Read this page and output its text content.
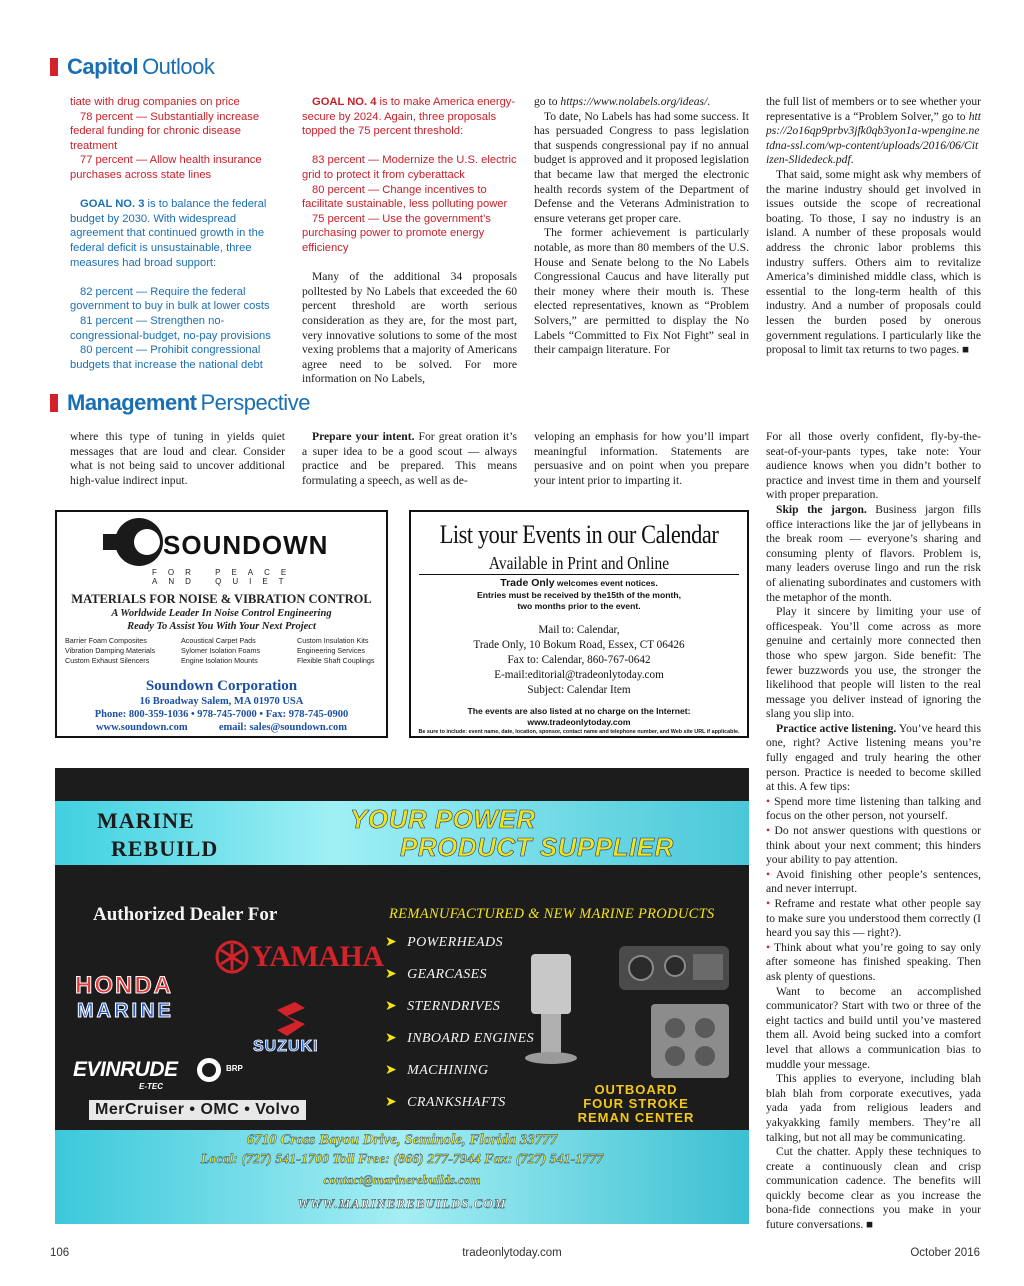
Capitol Outlook

tiate with drug companies on price

78 percent — Substantially increase federal funding for chronic disease treatment

77 percent — Allow health insurance purchases across state lines

GOAL NO. 3 is to balance the federal budget by 2030. With widespread agreement that continued growth in the federal deficit is unsustainable, three measures had broad support:

82 percent — Require the federal government to buy in bulk at lower costs

81 percent — Strengthen no-congressional-budget, no-pay provisions

80 percent — Prohibit congressional budgets that increase the national debt

GOAL NO. 4 is to make America energy-secure by 2024. Again, three proposals topped the 75 percent threshold:

83 percent — Modernize the U.S. electric grid to protect it from cyberattack

80 percent — Change incentives to facilitate sustainable, less polluting power

75 percent — Use the government’s purchasing power to promote energy efficiency

Many of the additional 34 proposals polltested by No Labels that exceeded the 60 percent threshold are worth serious consideration as they are, for the most part, very innovative solutions to some of the most vexing problems that a majority of Americans agree need to be solved. For more information on No Labels,

go to https://www.nolabels.org/ideas/.

To date, No Labels has had some success. It has persuaded Congress to pass legislation that suspends congressional pay if no annual budget is approved and it proposed legislation that became law that merged the electronic health records system of the Department of Defense and the Veterans Administration to ensure veterans get proper care.

The former achievement is particularly notable, as more than 80 members of the U.S. House and Senate belong to the No Labels Congressional Caucus and have literally put their money where their mouth is. These elected representatives, known as “Problem Solvers,” are permitted to display the No Labels “Committed to Fix Not Fight” seal in their campaign literature. For

the full list of members or to see whether your representative is a “Problem Solver,” go to https://2o16qp9prbv3jfk0qb3yon1a-wpengine.netdna-ssl.com/wp-content/uploads/2016/06/Citizen-Slidedeck.pdf.

That said, some might ask why members of the marine industry should get involved in issues outside the scope of recreational boating. To those, I say no industry is an island. A number of these proposals would address the chronic labor problems this industry suffers. Others aim to revitalize America’s diminished middle class, which is essential to the long-term health of this industry. And a number of proposals could lessen the burden posed by onerous government regulations. I particularly like the proposal to limit tax returns to two pages. ■

Management Perspective

where this type of tuning in yields quiet messages that are loud and clear. Consider what is not being said to uncover additional high-value indirect input.

Prepare your intent. For great oration it’s a super idea to be a good scout — always practice and be prepared. This means formulating a speech, as well as de-

veloping an emphasis for how you’ll impart meaningful information. Statements are persuasive and on point when you prepare your intent prior to imparting it.

For all those overly confident, fly-by-the-seat-of-your-pants types, take note: Your audience knows when you didn’t bother to practice and invest time in them and yourself with proper preparation.

Skip the jargon. Business jargon fills office interactions like the jar of jellybeans in the break room — everyone’s sharing and consuming plenty of flavors. Problem is, many leaders overuse lingo and run the risk of alienating subordinates and customers with the metaphor of the month.

Play it sincere by limiting your use of officespeak. You’ll come across as more genuine and certainly more connected then those who spew jargon. Side benefit: The fewer buzzwords you use, the stronger the likelihood that people will listen to the real message you deliver instead of ignoring the slang you slip into.

Practice active listening. You’ve heard this one, right? Active listening means you’re fully engaged and truly hearing the other person. Practice is needed to become skilled at this. A few tips:

• Spend more time listening than talking and focus on the other person, not yourself.

• Do not answer questions with questions or think about your next comment; this hinders your ability to pay attention.

• Avoid finishing other people’s sentences, and never interrupt.

• Reframe and restate what other people say to make sure you understood them correctly (I heard you say this — right?).

• Think about what you’re going to say only after someone has finished speaking. Then ask plenty of questions.

Want to become an accomplished communicator? Start with two or three of the eight tactics and build until you’ve mastered them all. Avoid being sucked into a comfort level that allows a communication bias to muddle your message.

This applies to everyone, including blah blah blah from corporate executives, yada yada yada from religious leaders and yakyakking family members. They’re all talking, but not all may be communicating.

Cut the chatter. Apply these techniques to create a continuously clean and crisp communication cadence. The benefits will quickly become clear as you increase the bona-fide connections you make in your future conversations. ■

SOUNDOWN
FOR PEACE AND QUIET
MATERIALS FOR NOISE & VIBRATION CONTROL
A Worldwide Leader In Noise Control Engineering
Ready To Assist You With Your Next Project
Barrier Foam Composites	Acoustical Carpet Pads	Custom Insulation Kits
Vibration Damping Materials	Sylomer Isolation Foams	Engineering Services
Custom Exhaust Silencers	Engine Isolation Mounts	Flexible Shaft Couplings
Soundown Corporation
16 Broadway Salem, MA 01970 USA
Phone: 800-359-1036 • 978-745-7000 • Fax: 978-745-0900
www.soundown.com	email: sales@soundown.com
List your Events in our Calendar
Available in Print and Online
Trade Only welcomes event notices.
Entries must be received by the15th of the month,
two months prior to the event.
Mail to: Calendar,
Trade Only, 10 Bokum Road, Essex, CT 06426
Fax to: Calendar, 860-767-0642
E-mail:editorial@tradeonlytoday.com
Subject: Calendar Item
The events are also listed at no charge on the Internet:
www.tradeonlytoday.com
Be sure to include: event name, date, location, sponsor, contact name and telephone number, and Web site URL if applicable.
MARINE
REBUILD
SPECIALISTS, INC.
YOUR POWER
PRODUCT SUPPLIER
Authorized Dealer For	REMANUFACTURED & NEW MARINE PRODUCTS
➤ POWERHEADS
➤ GEARCASES
➤ STERNDRIVES
➤ INBOARD ENGINES
➤ MACHINING
➤ CRANKSHAFTS
YAMAHA
HONDA
MARINE
SUZUKI
EVINRUDE
E-TEC
BRP
MerCruiser • OMC • Volvo
OUTBOARD
FOUR STROKE
REMAN CENTER
6710 Cross Bayou Drive, Seminole, Florida 33777
Local: (727) 541-1700 Toll Free: (866) 277-7944 Fax: (727) 541-1777
contact@marinerebuilds.com
WWW.MARINEREBUILDS.COM
106	tradeonlytoday.com	October 2016
